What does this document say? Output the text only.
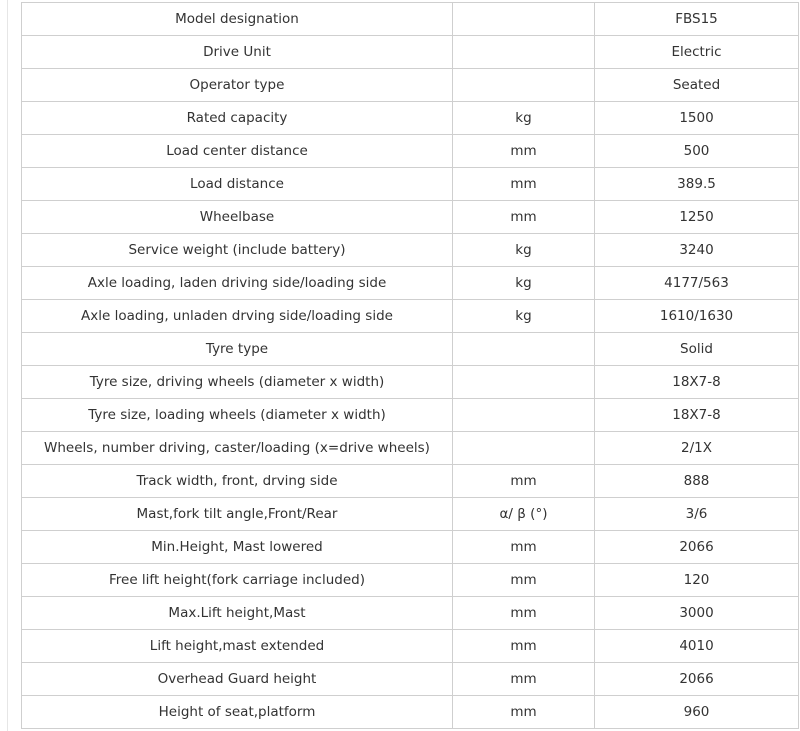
Model designation		FBS15
Drive Unit		Electric
Operator type		Seated
Rated capacity	kg	1500
Load center distance	mm	500
Load distance	mm	389.5
Wheelbase	mm	1250
Service weight (include battery)	kg	3240
Axle loading, laden driving side/loading side	kg	4177/563
Axle loading, unladen drving side/loading side	kg	1610/1630
Tyre type		Solid
Tyre size, driving wheels (diameter x width)		18X7-8
Tyre size, loading wheels (diameter x width)		18X7-8
Wheels, number driving, caster/loading (x=drive wheels)		2/1X
Track width, front, drving side	mm	888
Mast,fork tilt angle,Front/Rear	α/ β (°)	3/6
Min.Height, Mast lowered	mm	2066
Free lift height(fork carriage included)	mm	120
Max.Lift height,Mast	mm	3000
Lift height,mast extended	mm	4010
Overhead Guard height	mm	2066
Height of seat,platform	mm	960
